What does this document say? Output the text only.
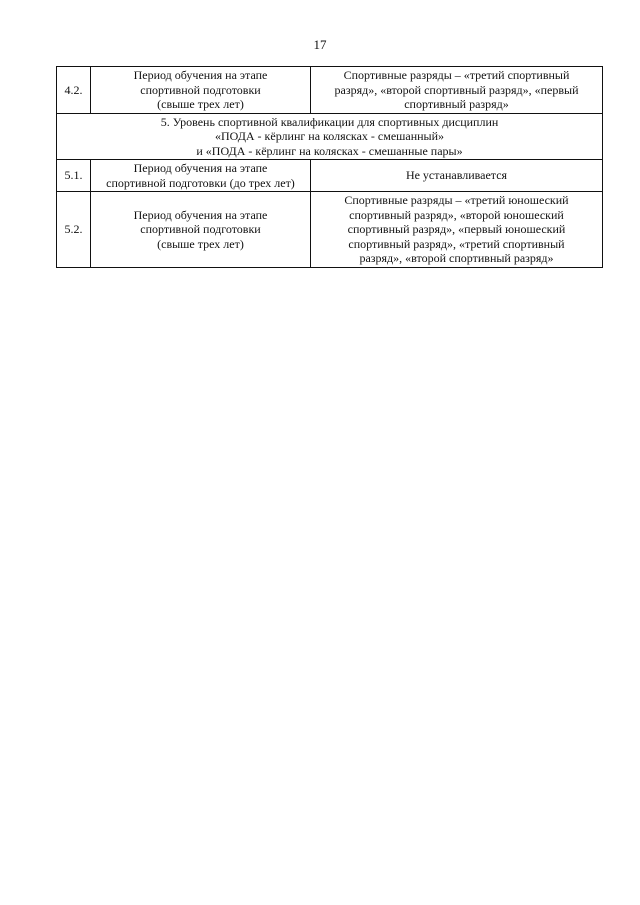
17
4.2.	Период обучения на этапе
спортивной подготовки
(свыше трех лет)	Спортивные разряды – «третий спортивный
разряд», «второй спортивный разряд», «первый
спортивный разряд»
5. Уровень спортивной квалификации для спортивных дисциплин
«ПОДА - кёрлинг на колясках - смешанный»
и «ПОДА - кёрлинг на колясках - смешанные пары»		
5.1.	Период обучения на этапе
спортивной подготовки (до трех лет)	Не устанавливается
5.2.	Период обучения на этапе
спортивной подготовки
(свыше трех лет)	Спортивные разряды – «третий юношеский
спортивный разряд», «второй юношеский
спортивный разряд», «первый юношеский
спортивный разряд», «третий спортивный
разряд», «второй спортивный разряд»
